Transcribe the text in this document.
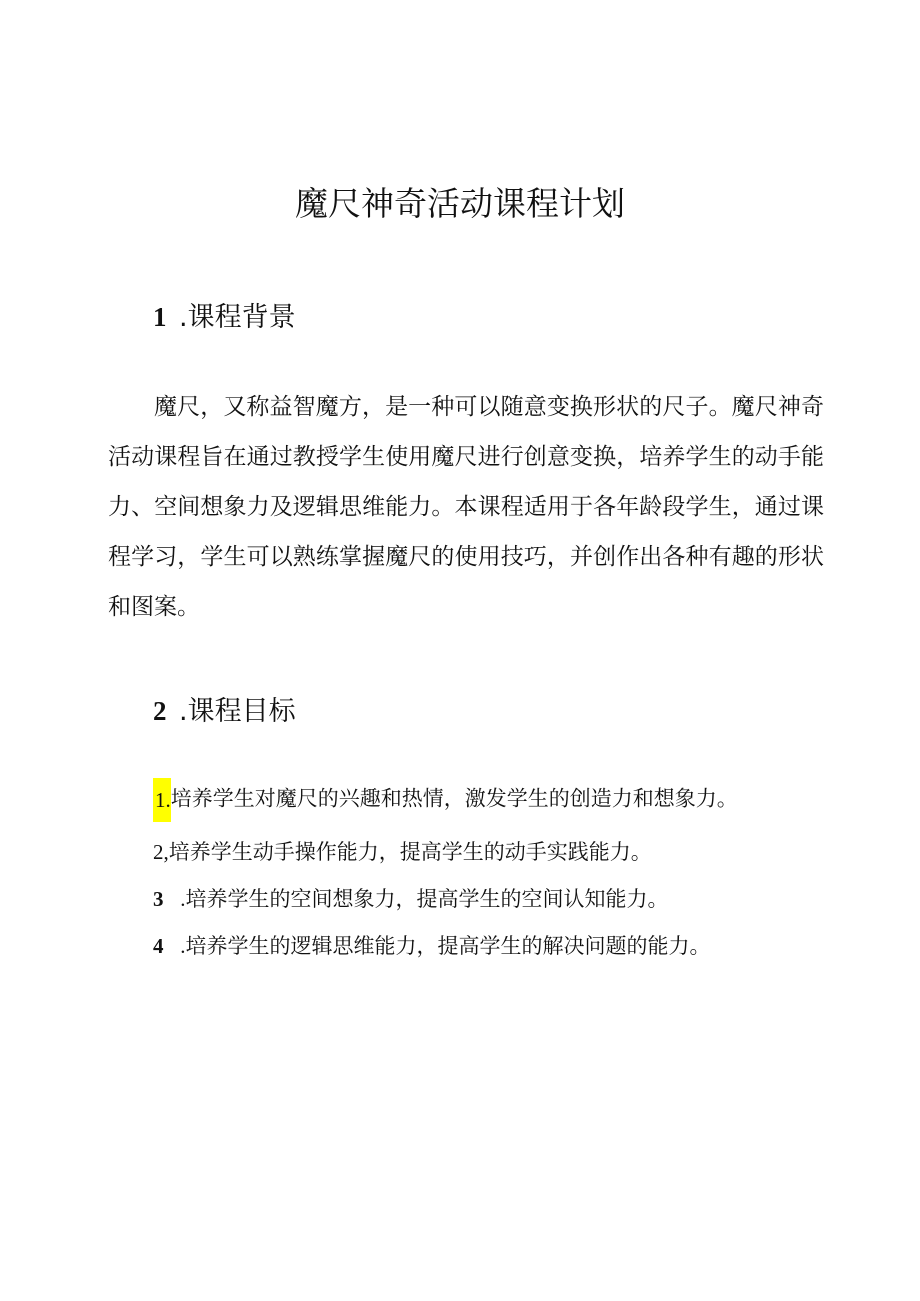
魔尺神奇活动课程计划
1 .课程背景

魔尺，又称益智魔方，是一种可以随意变换形状的尺子。魔尺神奇活动课程旨在通过教授学生使用魔尺进行创意变换，培养学生的动手能力、空间想象力及逻辑思维能力。本课程适用于各年龄段学生，通过课程学习，学生可以熟练掌握魔尺的使用技巧，并创作出各种有趣的形状和图案。

2 .课程目标
1.培养学生对魔尺的兴趣和热情，激发学生的创造力和想象力。
2,培养学生动手操作能力，提高学生的动手实践能力。
3 .培养学生的空间想象力，提高学生的空间认知能力。
4 .培养学生的逻辑思维能力，提高学生的解决问题的能力。
